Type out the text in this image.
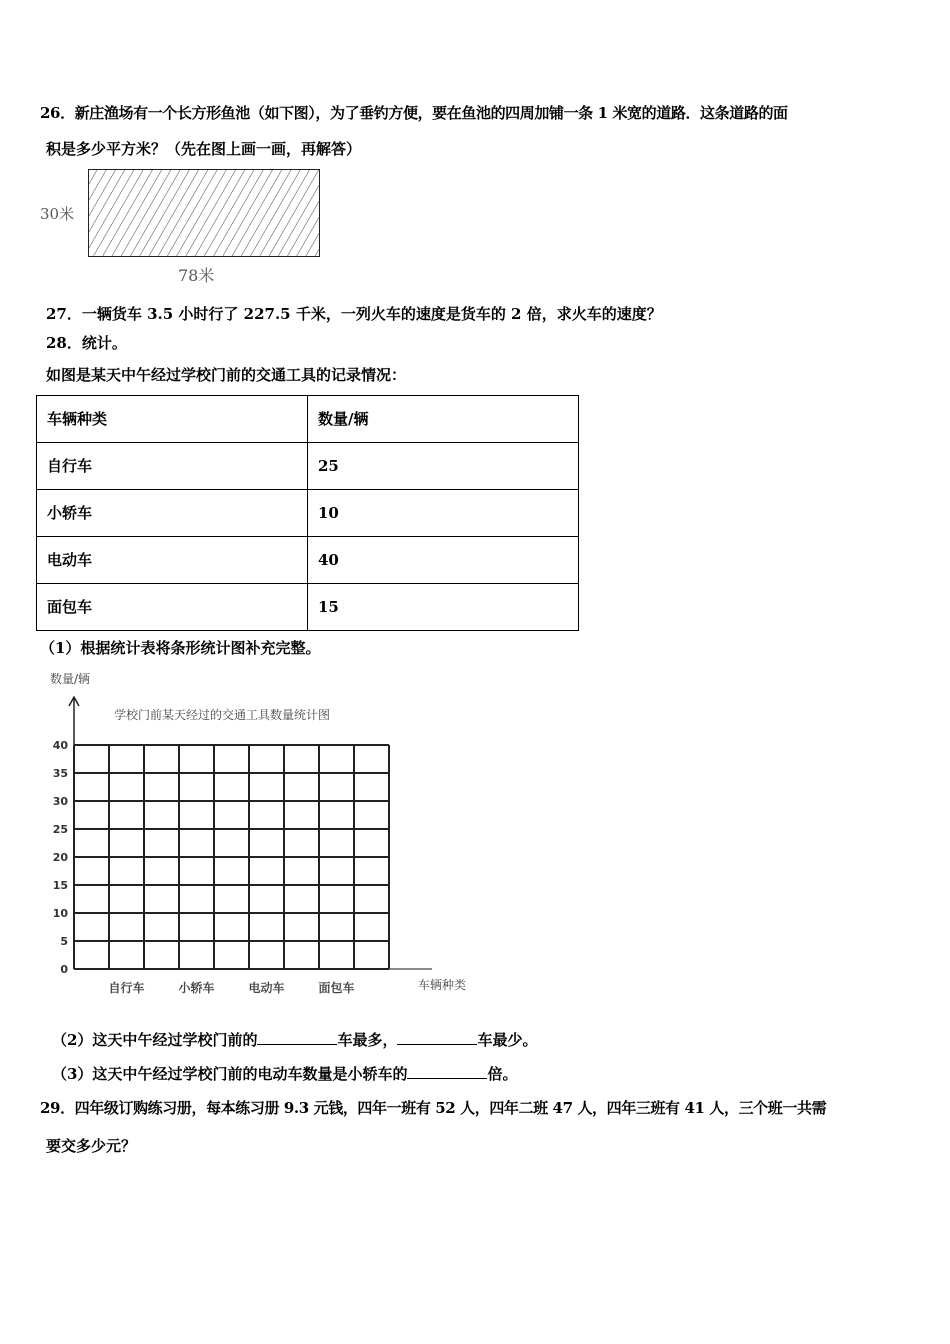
26．新庄渔场有一个长方形鱼池（如下图），为了垂钓方便，要在鱼池的四周加铺一条 1 米宽的道路．这条道路的面
积是多少平方米？（先在图上画一画，再解答）
30米
78米
27．一辆货车 3.5 小时行了 227.5 千米，一列火车的速度是货车的 2 倍，求火车的速度？
28．统计。
如图是某天中午经过学校门前的交通工具的记录情况：
车辆种类	数量/辆
自行车	25
小轿车	10
电动车	40
面包车	15
（1）根据统计表将条形统计图补充完整。
数量/辆
学校门前某天经过的交通工具数量统计图
车辆种类
0
5
10
15
20
25
30
35
40
自行车	小轿车	电动车	面包车
（2）这天中午经过学校门前的	车最多，	车最少。
（3）这天中午经过学校门前的电动车数量是小轿车的	倍。
29．四年级订购练习册，每本练习册 9.3 元钱，四年一班有 52 人，四年二班 47 人，四年三班有 41 人，三个班一共需
要交多少元？
